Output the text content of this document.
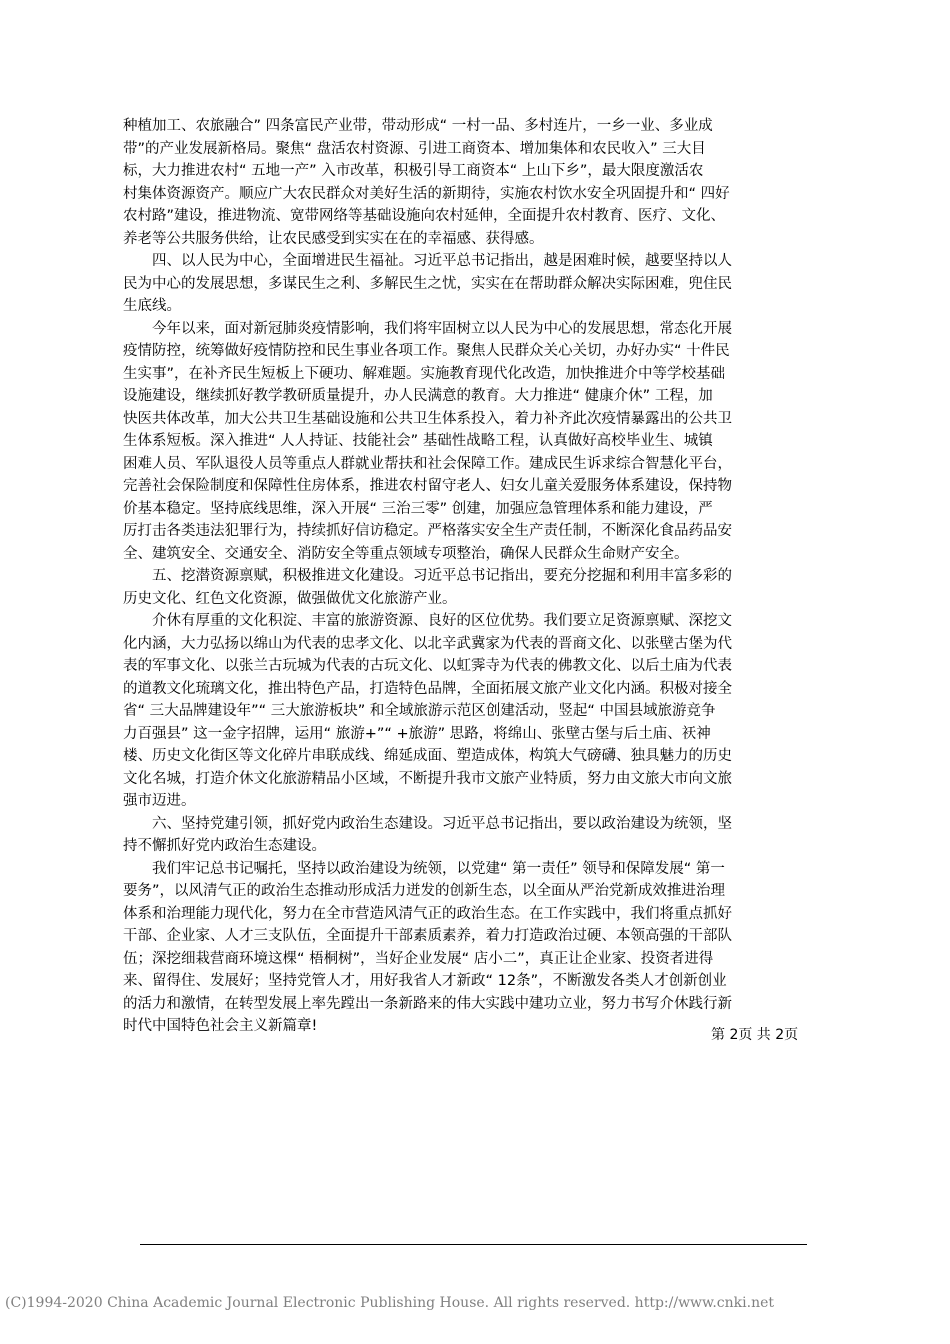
种植加工、农旅融合” 四条富民产业带，带动形成“ 一村一品、多村连片，一乡一业、多业成
带”的产业发展新格局。聚焦“ 盘活农村资源、引进工商资本、增加集体和农民收入” 三大目
标，大力推进农村“ 五地一产” 入市改革，积极引导工商资本“ 上山下乡”，最大限度激活农
村集体资源资产。顺应广大农民群众对美好生活的新期待，实施农村饮水安全巩固提升和“ 四好
农村路”建设，推进物流、宽带网络等基础设施向农村延伸，全面提升农村教育、医疗、文化、
养老等公共服务供给，让农民感受到实实在在的幸福感、获得感。
　　四、以人民为中心，全面增进民生福祉。习近平总书记指出，越是困难时候，越要坚持以人
民为中心的发展思想，多谋民生之利、多解民生之忧，实实在在帮助群众解决实际困难，兜住民
生底线。
　　今年以来，面对新冠肺炎疫情影响，我们将牢固树立以人民为中心的发展思想，常态化开展
疫情防控，统筹做好疫情防控和民生事业各项工作。聚焦人民群众关心关切，办好办实“ 十件民
生实事”，在补齐民生短板上下硬功、解难题。实施教育现代化改造，加快推进介中等学校基础
设施建设，继续抓好教学教研质量提升，办人民满意的教育。大力推进“ 健康介休” 工程，加
快医共体改革，加大公共卫生基础设施和公共卫生体系投入，着力补齐此次疫情暴露出的公共卫
生体系短板。深入推进“ 人人持证、技能社会” 基础性战略工程，认真做好高校毕业生、城镇
困难人员、军队退役人员等重点人群就业帮扶和社会保障工作。建成民生诉求综合智慧化平台，
完善社会保险制度和保障性住房体系，推进农村留守老人、妇女儿童关爱服务体系建设，保持物
价基本稳定。坚持底线思维，深入开展“ 三治三零” 创建，加强应急管理体系和能力建设，严
厉打击各类违法犯罪行为，持续抓好信访稳定。严格落实安全生产责任制，不断深化食品药品安
全、建筑安全、交通安全、消防安全等重点领域专项整治，确保人民群众生命财产安全。
　　五、挖潜资源禀赋，积极推进文化建设。习近平总书记指出，要充分挖掘和利用丰富多彩的
历史文化、红色文化资源，做强做优文化旅游产业。
　　介休有厚重的文化积淀、丰富的旅游资源、良好的区位优势。我们要立足资源禀赋、深挖文
化内涵，大力弘扬以绵山为代表的忠孝文化、以北辛武冀家为代表的晋商文化、以张壁古堡为代
表的军事文化、以张兰古玩城为代表的古玩文化、以虹霁寺为代表的佛教文化、以后土庙为代表
的道教文化琉璃文化，推出特色产品，打造特色品牌，全面拓展文旅产业文化内涵。积极对接全
省“ 三大品牌建设年”“ 三大旅游板块” 和全域旅游示范区创建活动，竖起“ 中国县域旅游竞争
力百强县” 这一金字招牌，运用“ 旅游+”“ +旅游” 思路，将绵山、张壁古堡与后土庙、祆神
楼、历史文化街区等文化碎片串联成线、绵延成面、塑造成体，构筑大气磅礴、独具魅力的历史
文化名城，打造介休文化旅游精品小区域，不断提升我市文旅产业特质，努力由文旅大市向文旅
强市迈进。
　　六、坚持党建引领，抓好党内政治生态建设。习近平总书记指出，要以政治建设为统领，坚
持不懈抓好党内政治生态建设。
　　我们牢记总书记嘱托，坚持以政治建设为统领，以党建“ 第一责任” 领导和保障发展“ 第一
要务”，以风清气正的政治生态推动形成活力迸发的创新生态，以全面从严治党新成效推进治理
体系和治理能力现代化，努力在全市营造风清气正的政治生态。在工作实践中，我们将重点抓好
干部、企业家、人才三支队伍，全面提升干部素质素养，着力打造政治过硬、本领高强的干部队
伍；深挖细栽营商环境这棵“ 梧桐树”，当好企业发展“ 店小二”，真正让企业家、投资者进得
来、留得住、发展好；坚持党管人才，用好我省人才新政“ 12条”，不断激发各类人才创新创业
的活力和激情，在转型发展上率先蹚出一条新路来的伟大实践中建功立业，努力书写介休践行新
时代中国特色社会主义新篇章!
第 2页 共 2页
(C)1994-2020 China Academic Journal Electronic Publishing House. All rights reserved. http://www.cnki.net
